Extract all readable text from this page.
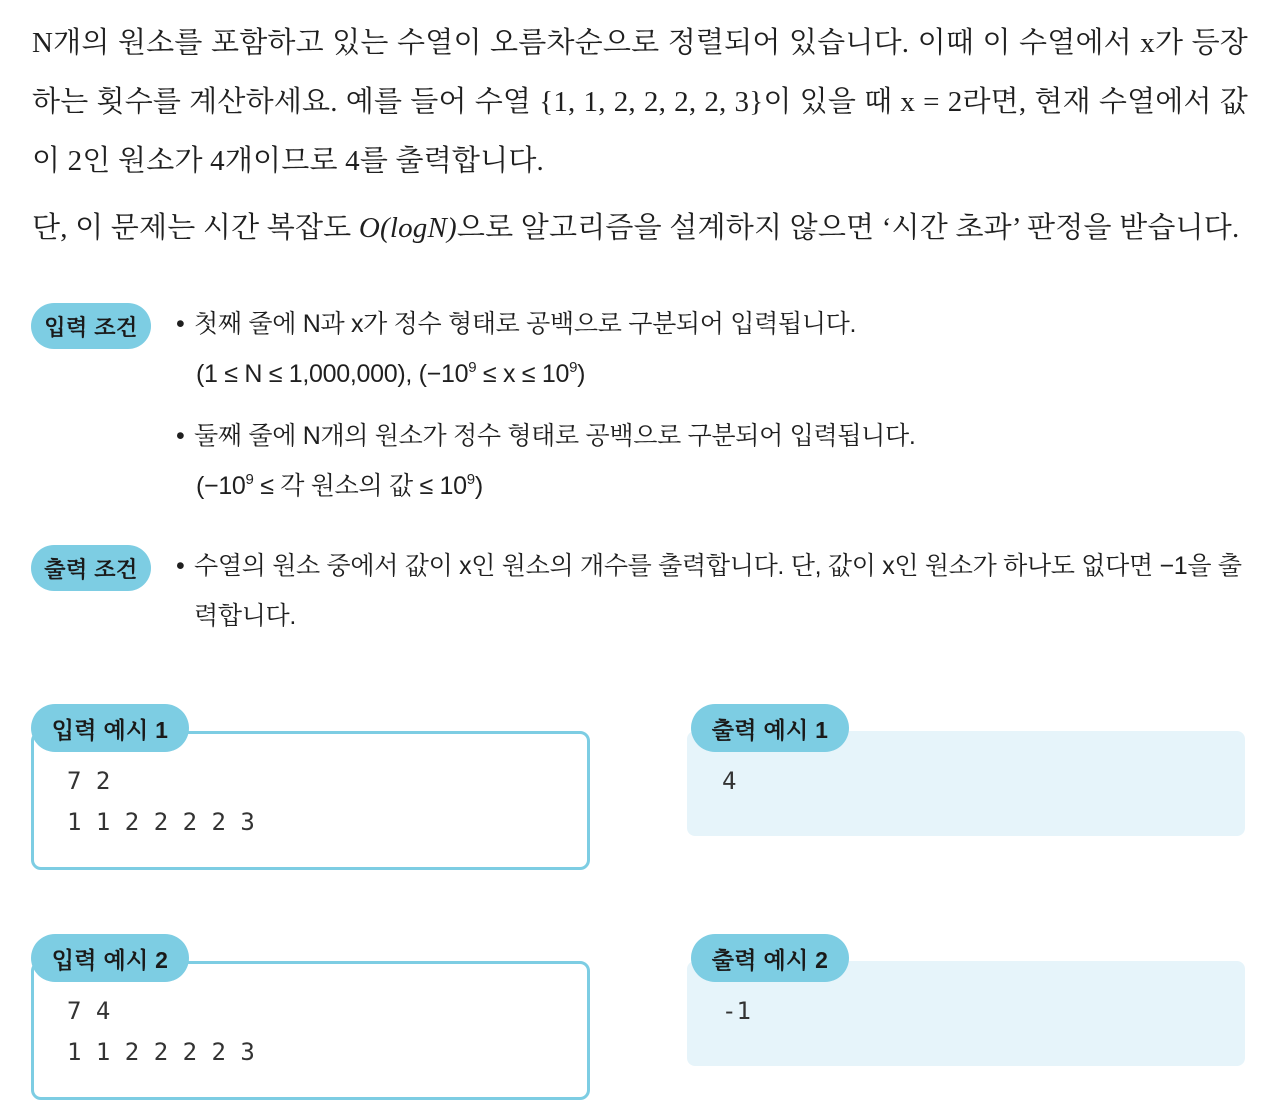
N개의 원소를 포함하고 있는 수열이 오름차순으로 정렬되어 있습니다. 이때 이 수열에서 x가 등장하는 횟수를 계산하세요. 예를 들어 수열 {1, 1, 2, 2, 2, 2, 3}이 있을 때 x = 2라면, 현재 수열에서 값이 2인 원소가 4개이므로 4를 출력합니다.

단, 이 문제는 시간 복잡도 O(logN)으로 알고리즘을 설계하지 않으면 ‘시간 초과’ 판정을 받습니다.

입력 조건	• 첫째 줄에 N과 x가 정수 형태로 공백으로 구분되어 입력됩니다.
(1 ≤ N ≤ 1,000,000), $(-10^9 \le x \le 10^9)$
• 둘째 줄에 N개의 원소가 정수 형태로 공백으로 구분되어 입력됩니다.
($-10^9$ ≤ 각 원소의 값 ≤ $10^9$)
출력 조건	• 수열의 원소 중에서 값이 x인 원소의 개수를 출력합니다. 단, 값이 x인 원소가 하나도 없다면 −1을 출력합니다.
입력 예시 1
7 2
1 1 2 2 2 2 3
출력 예시 1
4
입력 예시 2
7 4
1 1 2 2 2 2 3
출력 예시 2
-1
